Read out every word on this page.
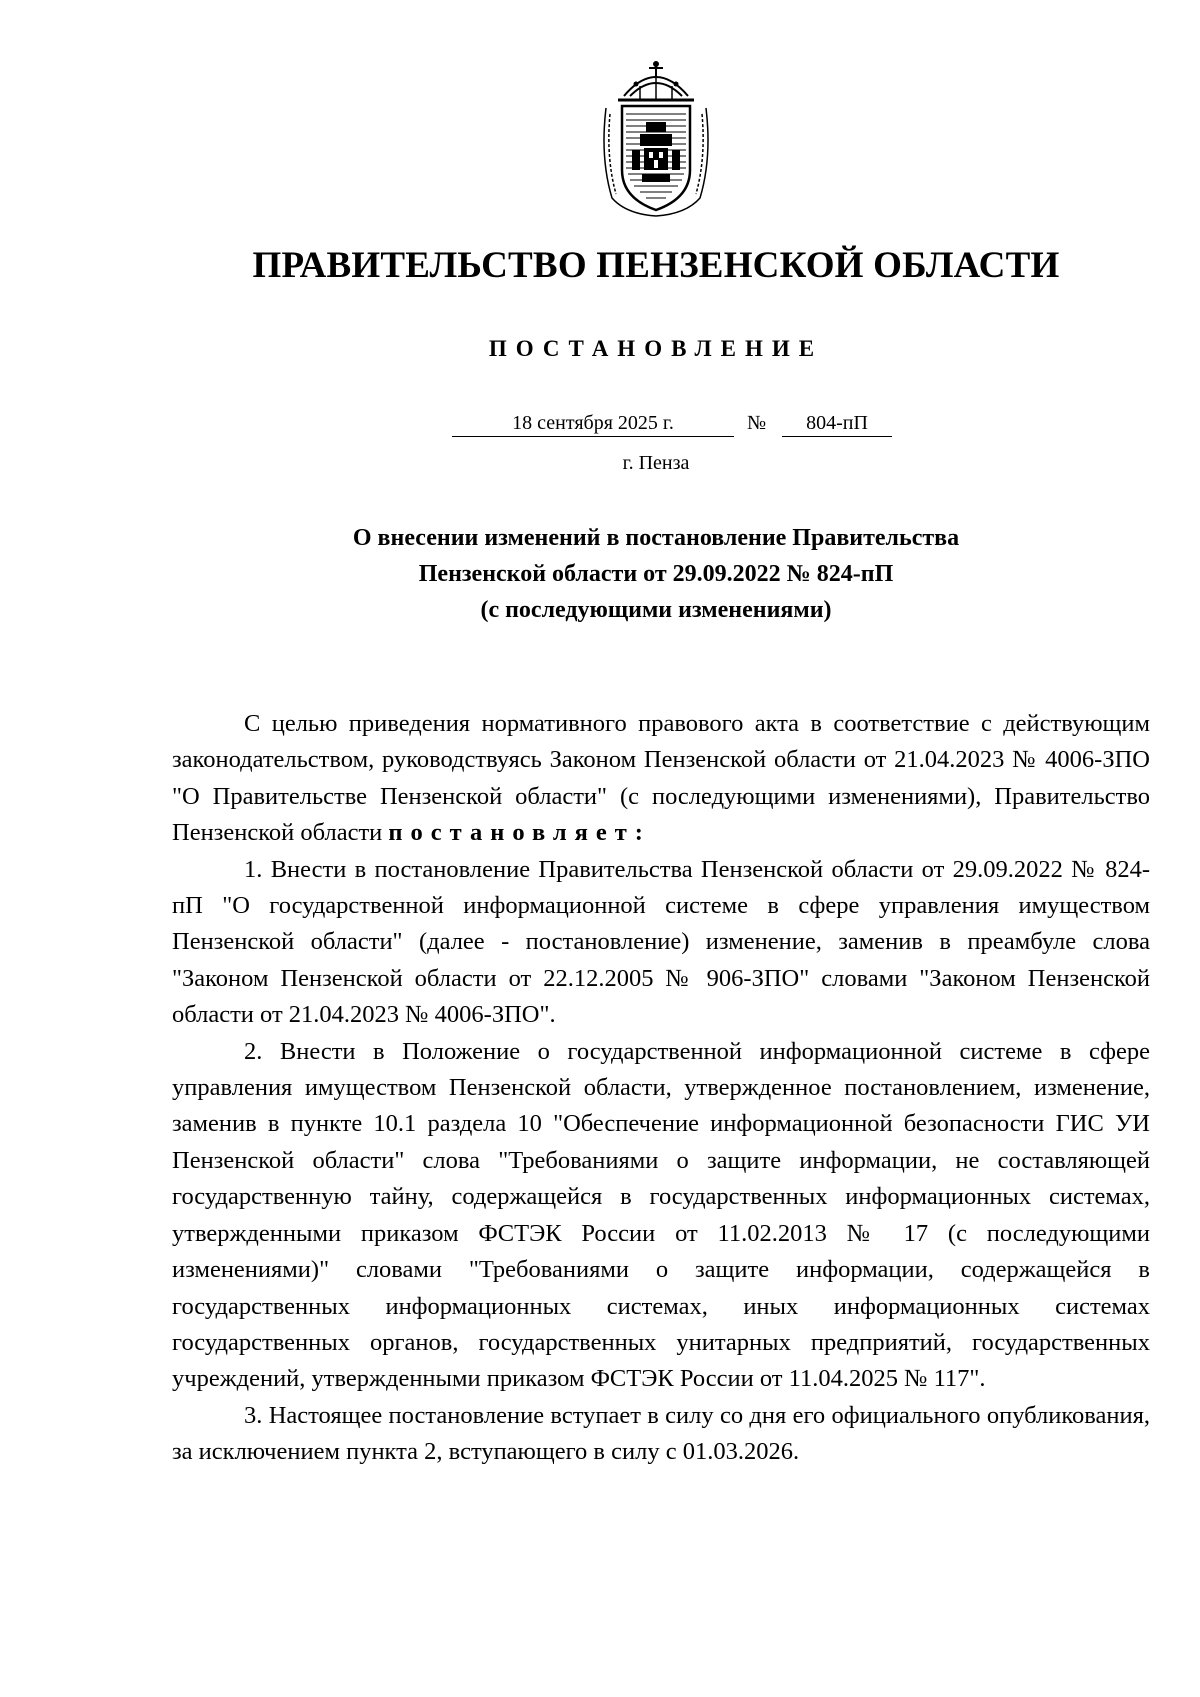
ПРАВИТЕЛЬСТВО ПЕНЗЕНСКОЙ ОБЛАСТИ
ПОСТАНОВЛЕНИЕ
18 сентября 2025 г.	№	804-пП
г. Пенза
О внесении изменений в постановление Правительства
Пензенской области от 29.09.2022 № 824-пП
(с последующими изменениями)

С целью приведения нормативного правового акта в соответствие с действующим законодательством, руководствуясь Законом Пензенской области от 21.04.2023 № 4006-ЗПО "О Правительстве Пензенской области" (с последующими изменениями), Правительство Пензенской области постановляет:

1. Внести в постановление Правительства Пензенской области от 29.09.2022 № 824-пП "О государственной информационной системе в сфере управления имуществом Пензенской области" (далее - постановление) изменение, заменив в преамбуле слова "Законом Пензенской области от 22.12.2005 № 906-ЗПО" словами "Законом Пензенской области от 21.04.2023 № 4006-ЗПО".

2. Внести в Положение о государственной информационной системе в сфере управления имуществом Пензенской области, утвержденное постановлением, изменение, заменив в пункте 10.1 раздела 10 "Обеспечение информационной безопасности ГИС УИ Пензенской области" слова "Требованиями о защите информации, не составляющей государственную тайну, содержащейся в государственных информационных системах, утвержденными приказом ФСТЭК России от 11.02.2013 № 17 (с последующими изменениями)" словами "Требованиями о защите информации, содержащейся в государственных информационных системах, иных информационных системах государственных органов, государственных унитарных предприятий, государственных учреждений, утвержденными приказом ФСТЭК России от 11.04.2025 № 117".

3. Настоящее постановление вступает в силу со дня его официального опубликования, за исключением пункта 2, вступающего в силу с 01.03.2026.
